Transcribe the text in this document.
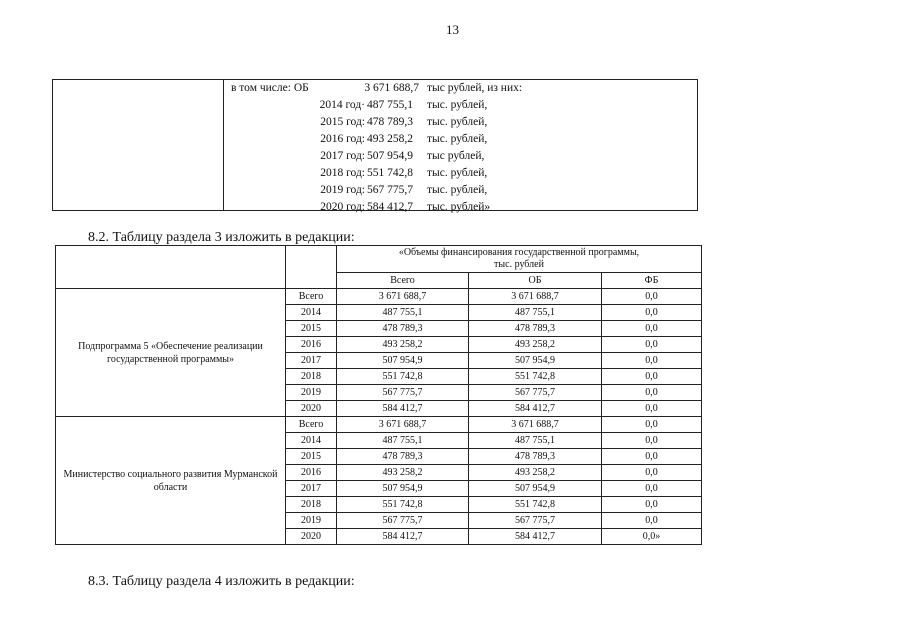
13
в том числе: ОБ	3 671 688,7 тыс рублей, из них:
2014 год· 487 755,1 тыс. рублей,
2015 год: 478 789,3 тыс. рублей,
2016 год: 493 258,2 тыс. рублей,
2017 год: 507 954,9 тыс рублей,
2018 год: 551 742,8 тыс. рублей,
2019 год: 567 775,7 тыс. рублей,
2020 год: 584 412,7 тыс. рублей»
8.2. Таблицу раздела 3 изложить в редакции:
		«Объемы финансирования государственной программы,
тыс. рублей		
		Всего	ОБ	ФБ
Подпрограмма 5 «Обеспечение реализации государственной программы»	Всего	3 671 688,7	3 671 688,7	0,0
	2014	487 755,1	487 755,1	0,0
	2015	478 789,3	478 789,3	0,0
	2016	493 258,2	493 258,2	0,0
	2017	507 954,9	507 954,9	0,0
	2018	551 742,8	551 742,8	0,0
	2019	567 775,7	567 775,7	0,0
	2020	584 412,7	584 412,7	0,0
Министерство социального развития Мурманской области	Всего	3 671 688,7	3 671 688,7	0,0
	2014	487 755,1	487 755,1	0,0
	2015	478 789,3	478 789,3	0,0
	2016	493 258,2	493 258,2	0,0
	2017	507 954,9	507 954,9	0,0
	2018	551 742,8	551 742,8	0,0
	2019	567 775,7	567 775,7	0,0
	2020	584 412,7	584 412,7	0,0»
8.3. Таблицу раздела 4 изложить в редакции:
